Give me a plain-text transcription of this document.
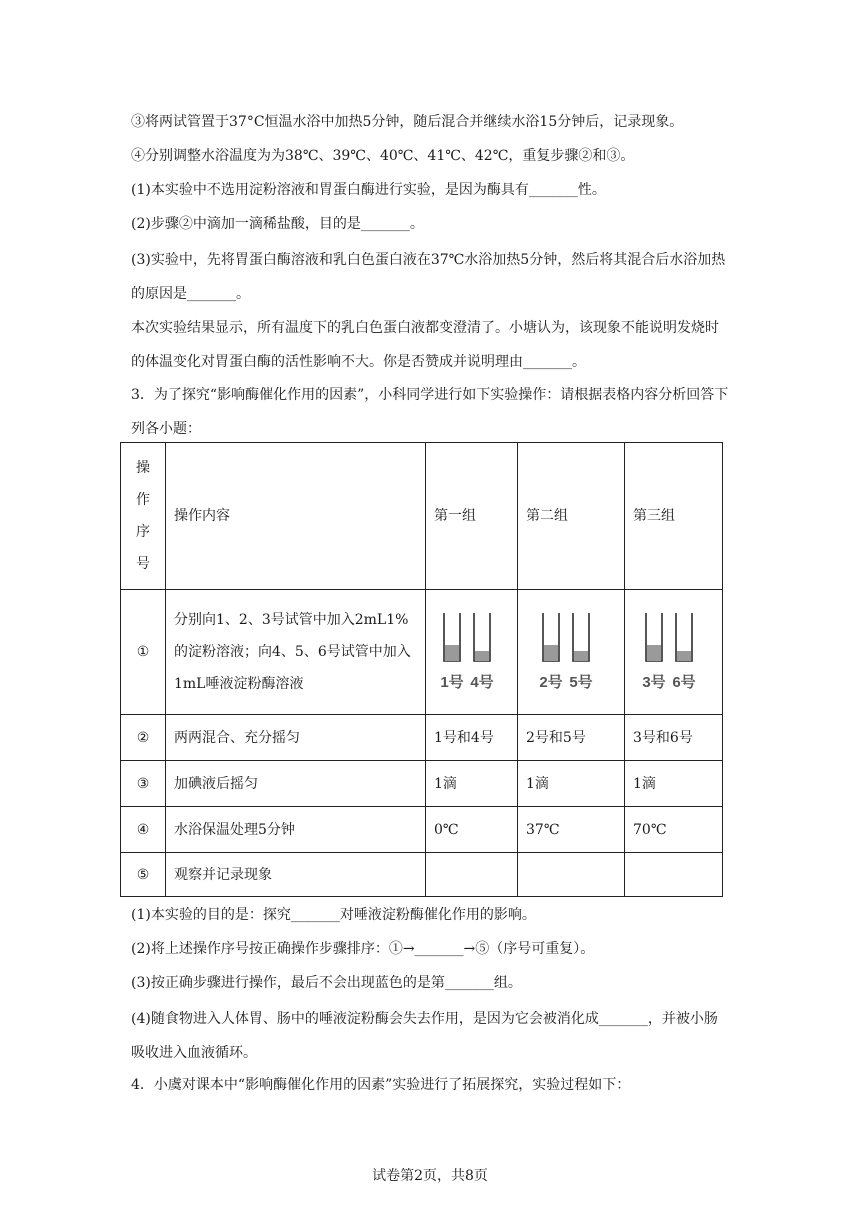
③将两试管置于37°C恒温水浴中加热5分钟，随后混合并继续水浴15分钟后，记录现象。
④分别调整水浴温度为为38℃、39℃、40℃、41℃、42℃，重复步骤②和③。
(1)本实验中不选用淀粉溶液和胃蛋白酶进行实验，是因为酶具有_______性。
(2)步骤②中滴加一滴稀盐酸，目的是_______。
(3)实验中，先将胃蛋白酶溶液和乳白色蛋白液在37℃水浴加热5分钟，然后将其混合后水浴加热的原因是_______。
本次实验结果显示，所有温度下的乳白色蛋白液都变澄清了。小塘认为，该现象不能说明发烧时的体温变化对胃蛋白酶的活性影响不大。你是否赞成并说明理由_______。
3．为了探究“影响酶催化作用的因素”，小科同学进行如下实验操作：请根据表格内容分析回答下列各小题：
操
作
序
号	操作内容	第一组	第二组	第三组
①	分别向1、2、3号试管中加入2mL1%的淀粉溶液；向4、5、6号试管中加入1mL唾液淀粉酶溶液	1号 4号	2号 5号	3号 6号

②	两两混合、充分摇匀	1号和4号	2号和5号	3号和6号
③	加碘液后摇匀	1滴	1滴	1滴
④	水浴保温处理5分钟	0℃	37℃	70℃
⑤	观察并记录现象			
(1)本实验的目的是：探究_______对唾液淀粉酶催化作用的影响。
(2)将上述操作序号按正确操作步骤排序：①→_______→⑤（序号可重复）。
(3)按正确步骤进行操作，最后不会出现蓝色的是第_______组。
(4)随食物进入人体胃、肠中的唾液淀粉酶会失去作用，是因为它会被消化成_______，并被小肠吸收进入血液循环。
4．小虞对课本中“影响酶催化作用的因素”实验进行了拓展探究，实验过程如下：
试卷第2页，共8页
